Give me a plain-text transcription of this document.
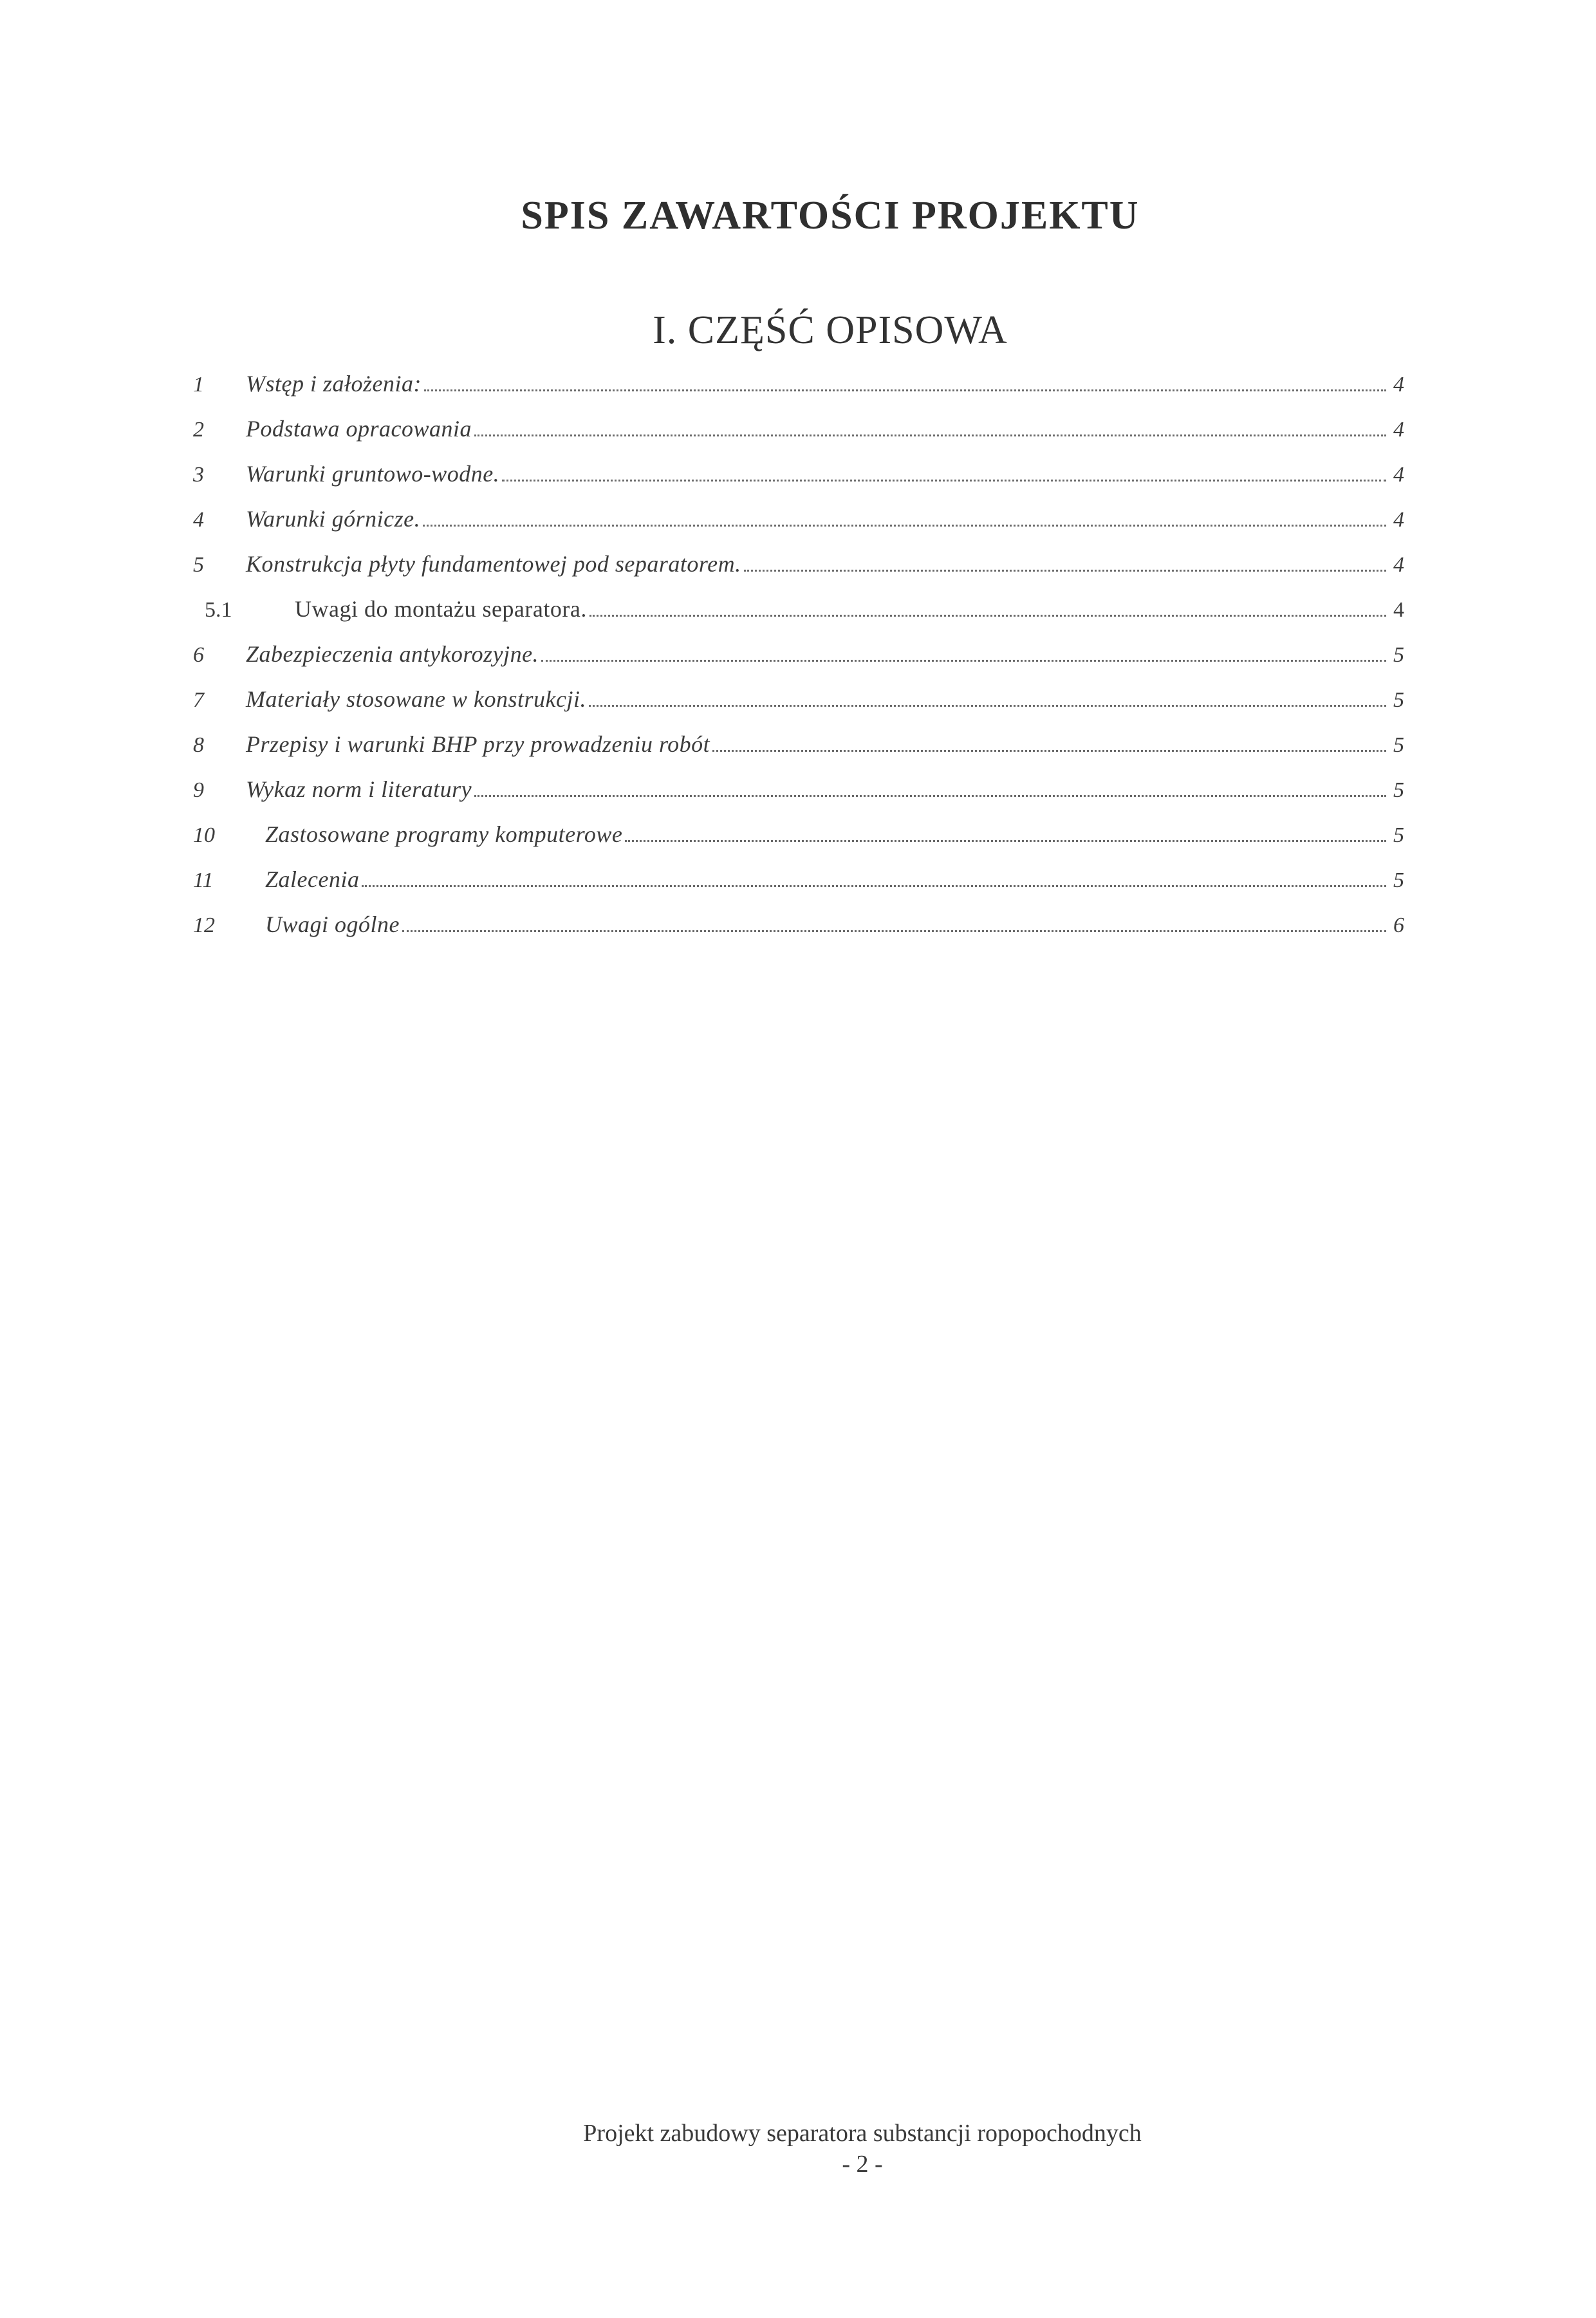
SPIS ZAWARTOŚCI PROJEKTU
I. CZĘŚĆ OPISOWA
1	Wstęp i założenia:	4
2	Podstawa opracowania	4
3	Warunki gruntowo-wodne.	4
4	Warunki górnicze.	4
5	Konstrukcja płyty fundamentowej pod separatorem.	4
5.1	Uwagi do montażu separatora.	4
6	Zabezpieczenia antykorozyjne.	5
7	Materiały stosowane w konstrukcji.	5
8	Przepisy i warunki BHP przy prowadzeniu robót	5
9	Wykaz norm i literatury	5
10	Zastosowane programy komputerowe	5
11	Zalecenia	5
12	Uwagi ogólne	6
Projekt zabudowy separatora substancji ropopochodnych
- 2 -
